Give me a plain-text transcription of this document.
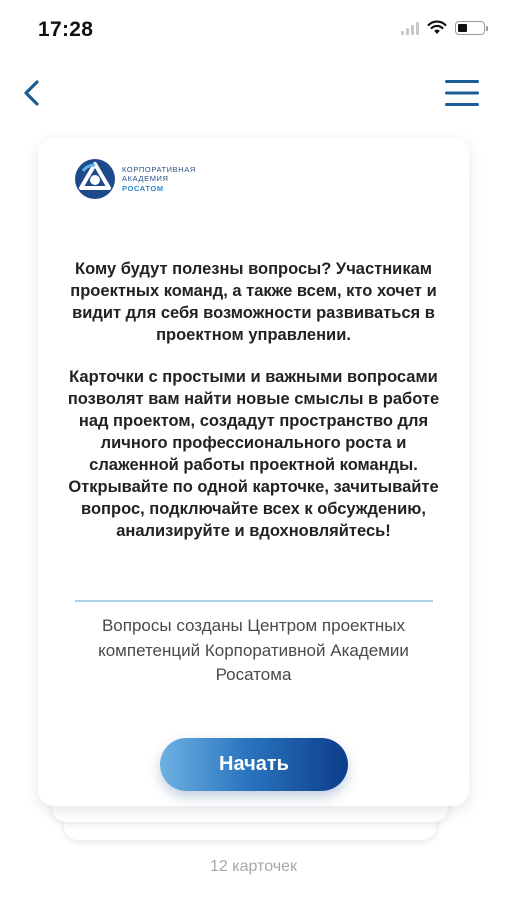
17:28
КОРПОРАТИВНАЯ
АКАДЕМИЯ
РОСАТОМ

Кому будут полезны вопросы? Участникам проектных команд, а также всем, кто хочет и видит для себя возможности развиваться в проектном управлении.

Карточки с простыми и важными вопросами позволят вам найти новые смыслы в работе над проектом, создадут пространство для личного профессионального роста и слаженной работы проектной команды. Открывайте по одной карточке, зачитывайте вопрос, подключайте всех к обсуждению, анализируйте и вдохновляйтесь!

Вопросы созданы Центром проектных компетенций Корпоративной Академии Росатома
Начать
12 карточек
